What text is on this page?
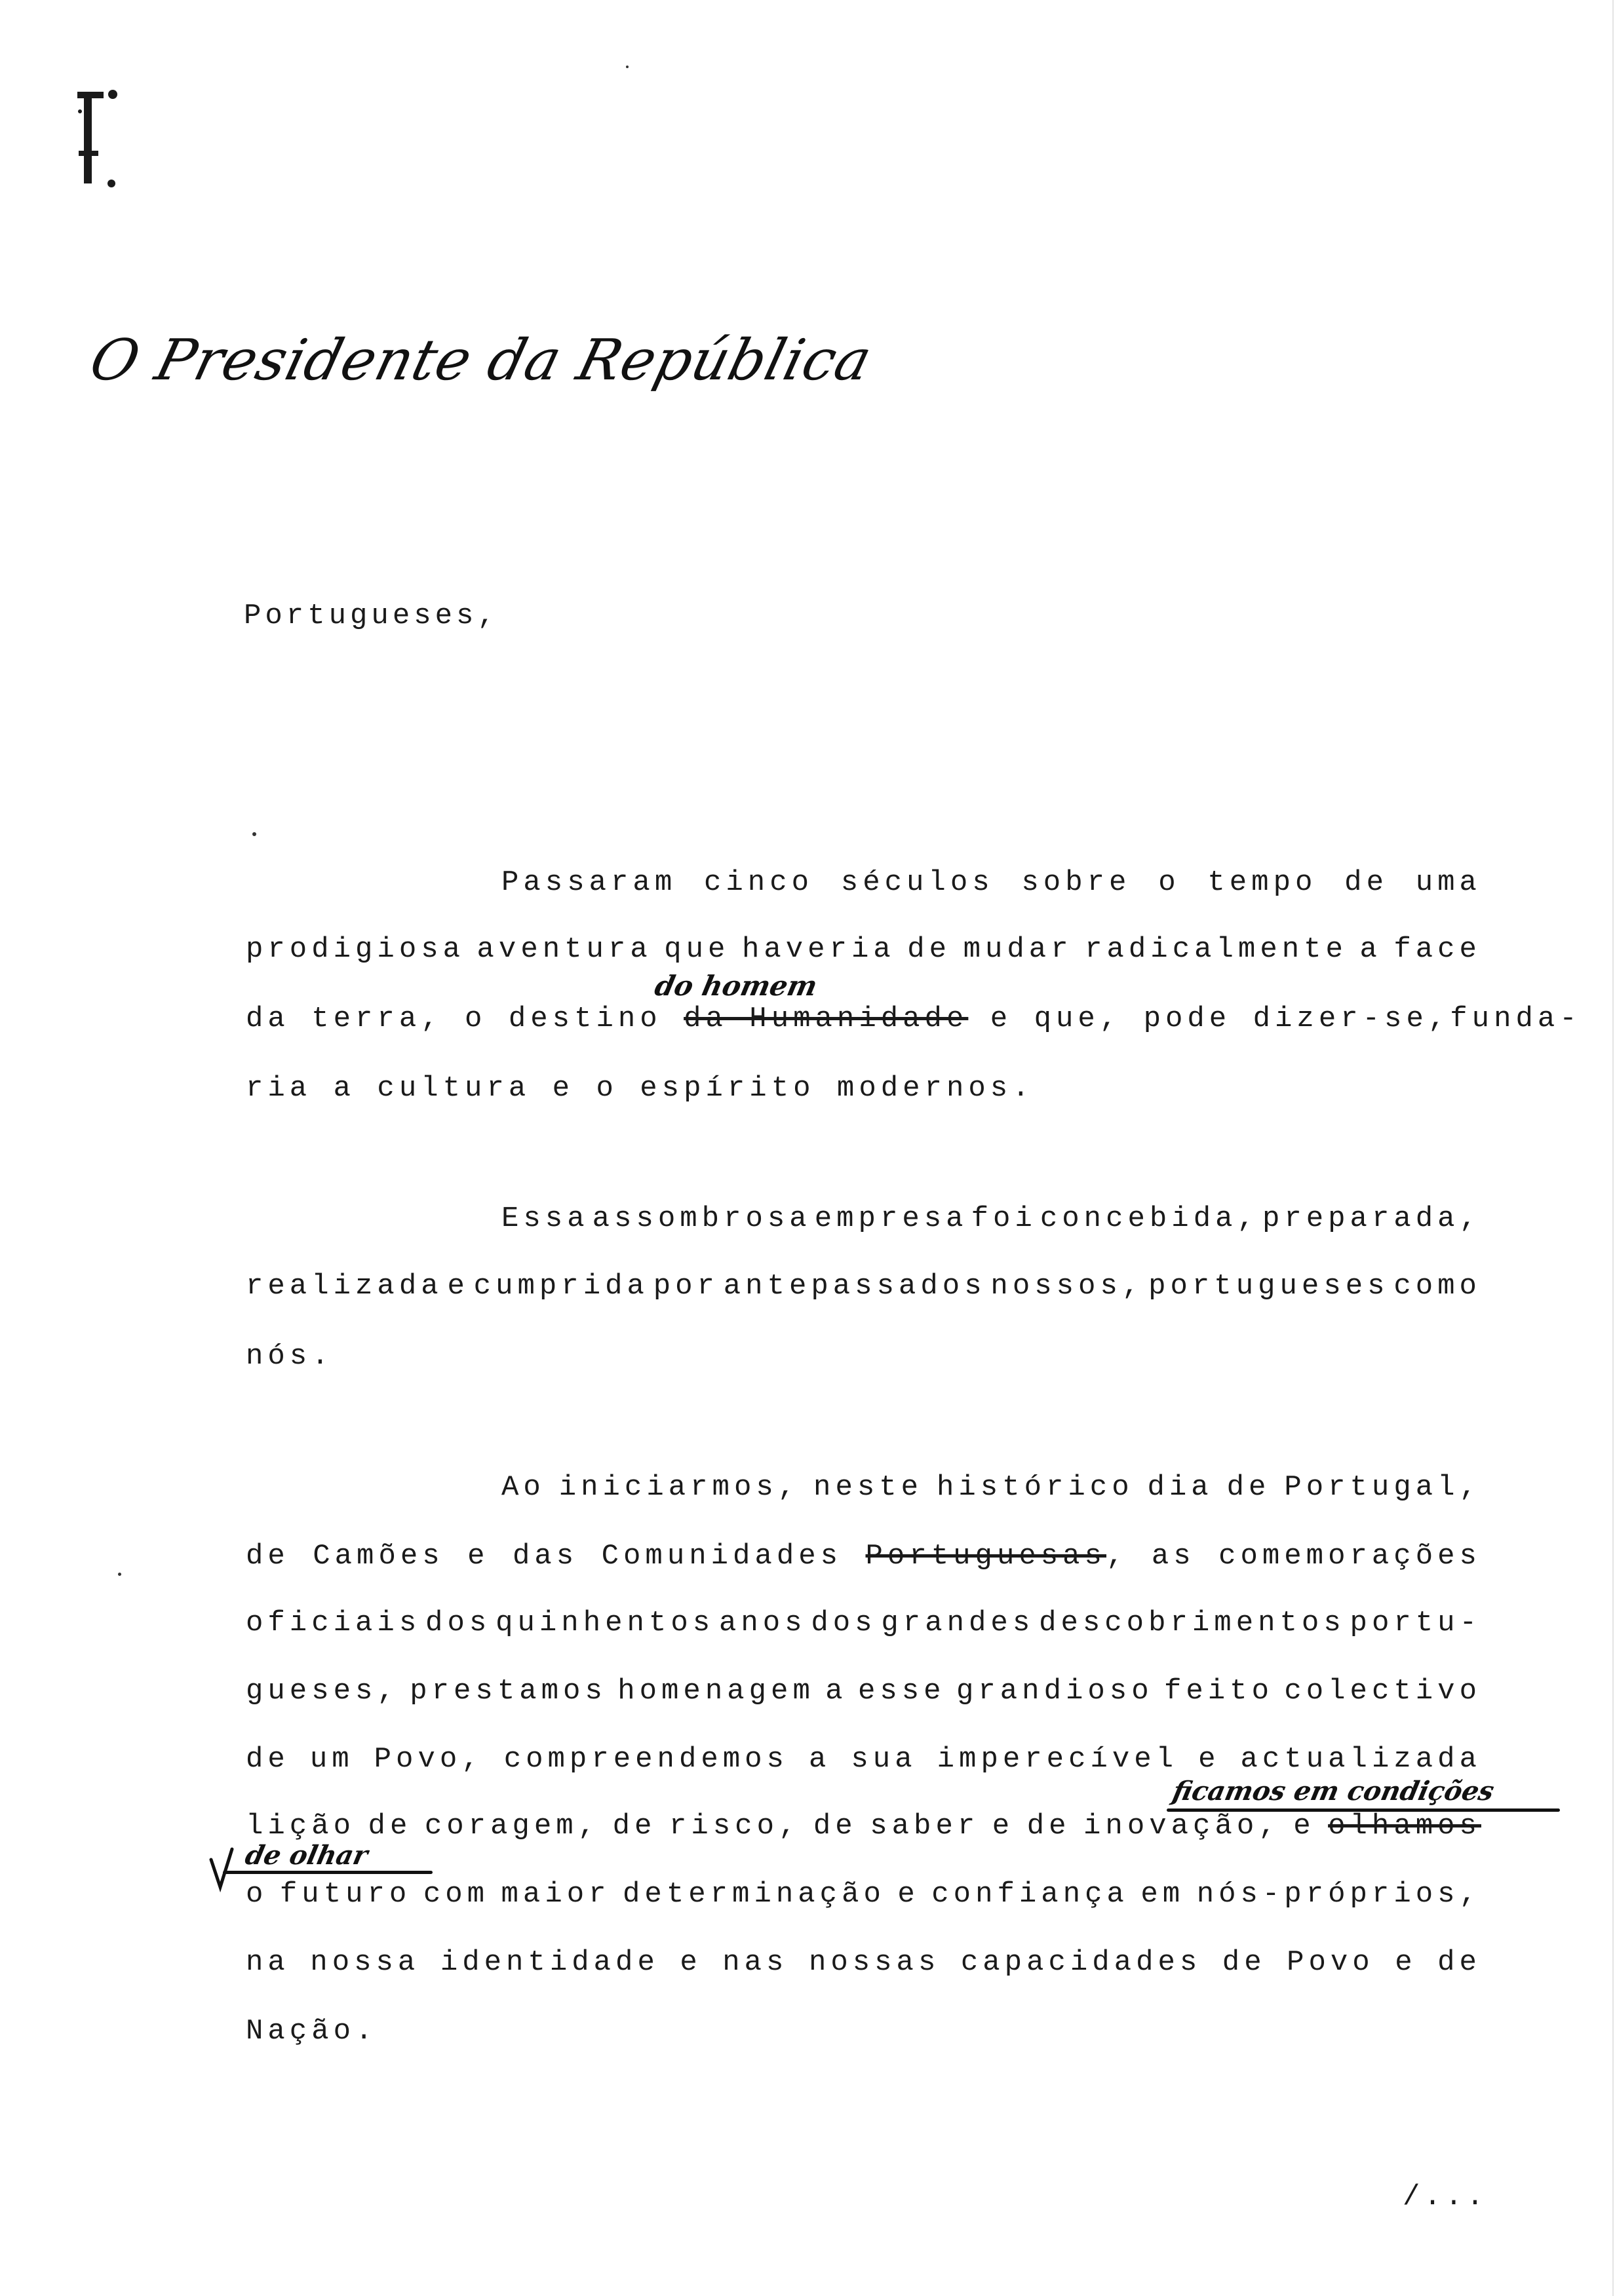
O Presidente da República
Portugueses,
Passaram cinco séculos sobre o tempo de uma
prodigiosa aventura que haveria de mudar radicalmente a face
do homem
da terra, o destino da Humanidade e que, pode dizer-se,funda-
ria a cultura e o espírito modernos.
Essa assombrosa empresa foi concebida, preparada,
realizada e cumprida por antepassados nossos, portugueses como
nós.
Ao iniciarmos, neste histórico dia de Portugal,
de Camões e das Comunidades Portuguesas, as comemorações
oficiais dos quinhentos anos dos grandes descobrimentos portu-
gueses, prestamos homenagem a esse grandioso feito colectivo
de um Povo, compreendemos a sua imperecível e actualizada
ficamos em condições
lição de coragem, de risco, de saber e de inovação, e olhamos
de olhar
o futuro com maior determinação e confiança em nós-próprios,
na nossa identidade e nas nossas capacidades de Povo e de
Nação.
/...
